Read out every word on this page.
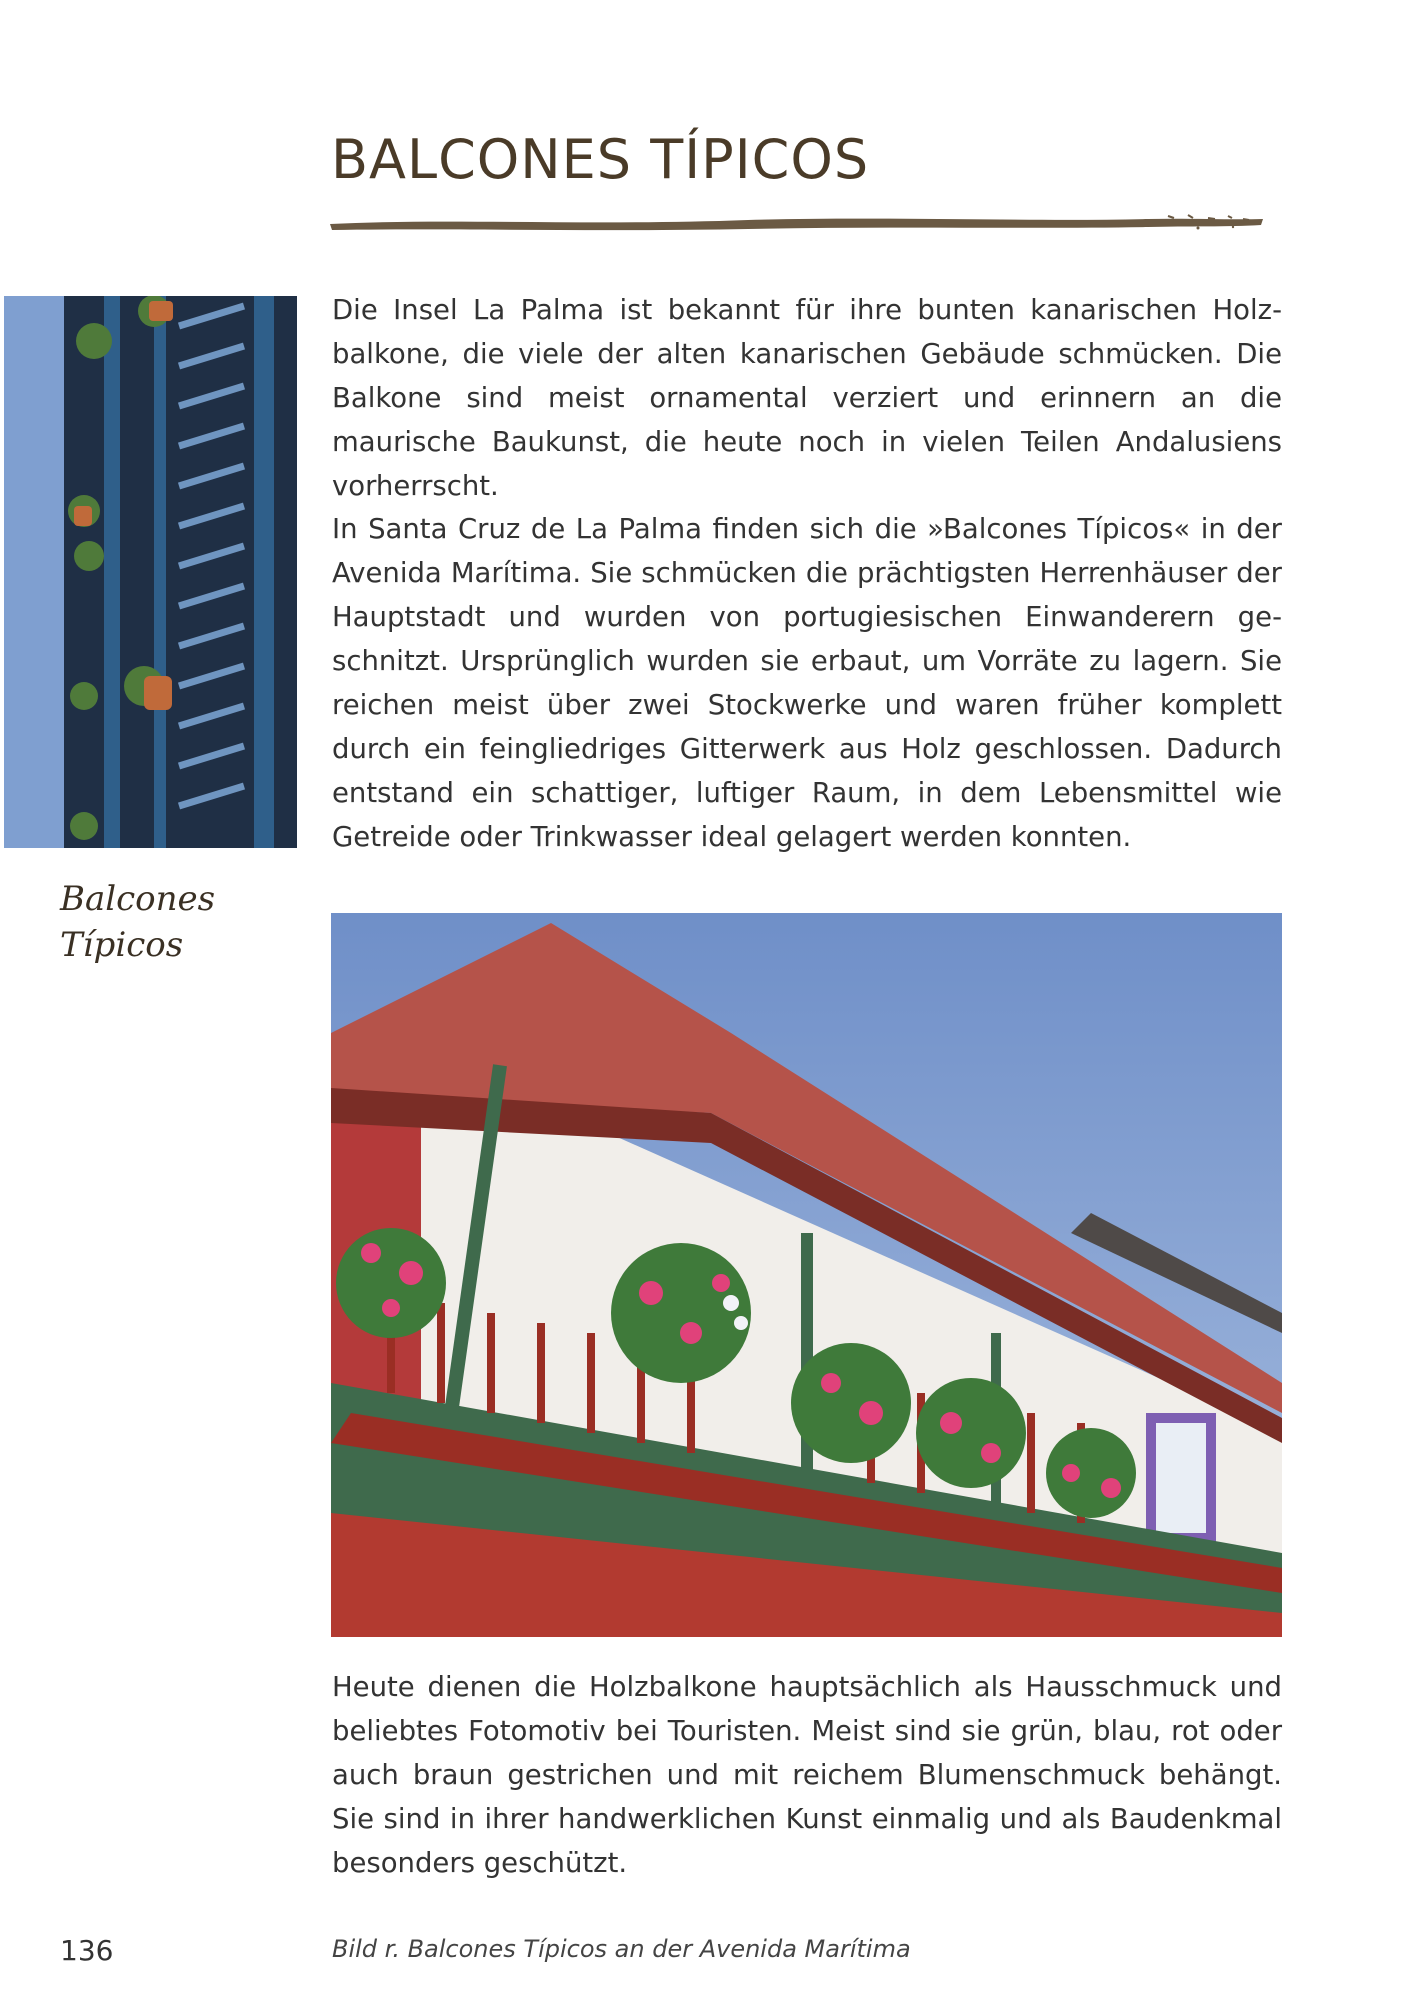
BALCONES TÍPICOS
Balcones
Típicos

Die Insel La Palma ist bekannt für ihre bunten kanarischen Holzbalkone, die viele der alten kanarischen Gebäude schmücken. Die Balkone sind meist ornamental verziert und erinnern an die maurische Baukunst, die heute noch in vielen Teilen Andalusiens vorherrscht.

In Santa Cruz de La Palma finden sich die »Balcones Típicos« in der Avenida Marítima. Sie schmücken die prächtigsten Herrenhäuser der Hauptstadt und wurden von portugiesischen Einwanderern geschnitzt. Ursprünglich wurden sie erbaut, um Vorräte zu lagern. Sie reichen meist über zwei Stockwerke und waren früher komplett durch ein feingliedriges Gitterwerk aus Holz geschlossen. Dadurch entstand ein schattiger, luftiger Raum, in dem Lebensmittel wie Getreide oder Trinkwasser ideal gelagert werden konnten.

Heute dienen die Holzbalkone hauptsächlich als Hausschmuck und beliebtes Fotomotiv bei Touristen. Meist sind sie grün, blau, rot oder auch braun gestrichen und mit reichem Blumenschmuck behängt. Sie sind in ihrer handwerklichen Kunst einmalig und als Baudenkmal besonders geschützt.

136	Bild r. Balcones Típicos an der Avenida Marítima
